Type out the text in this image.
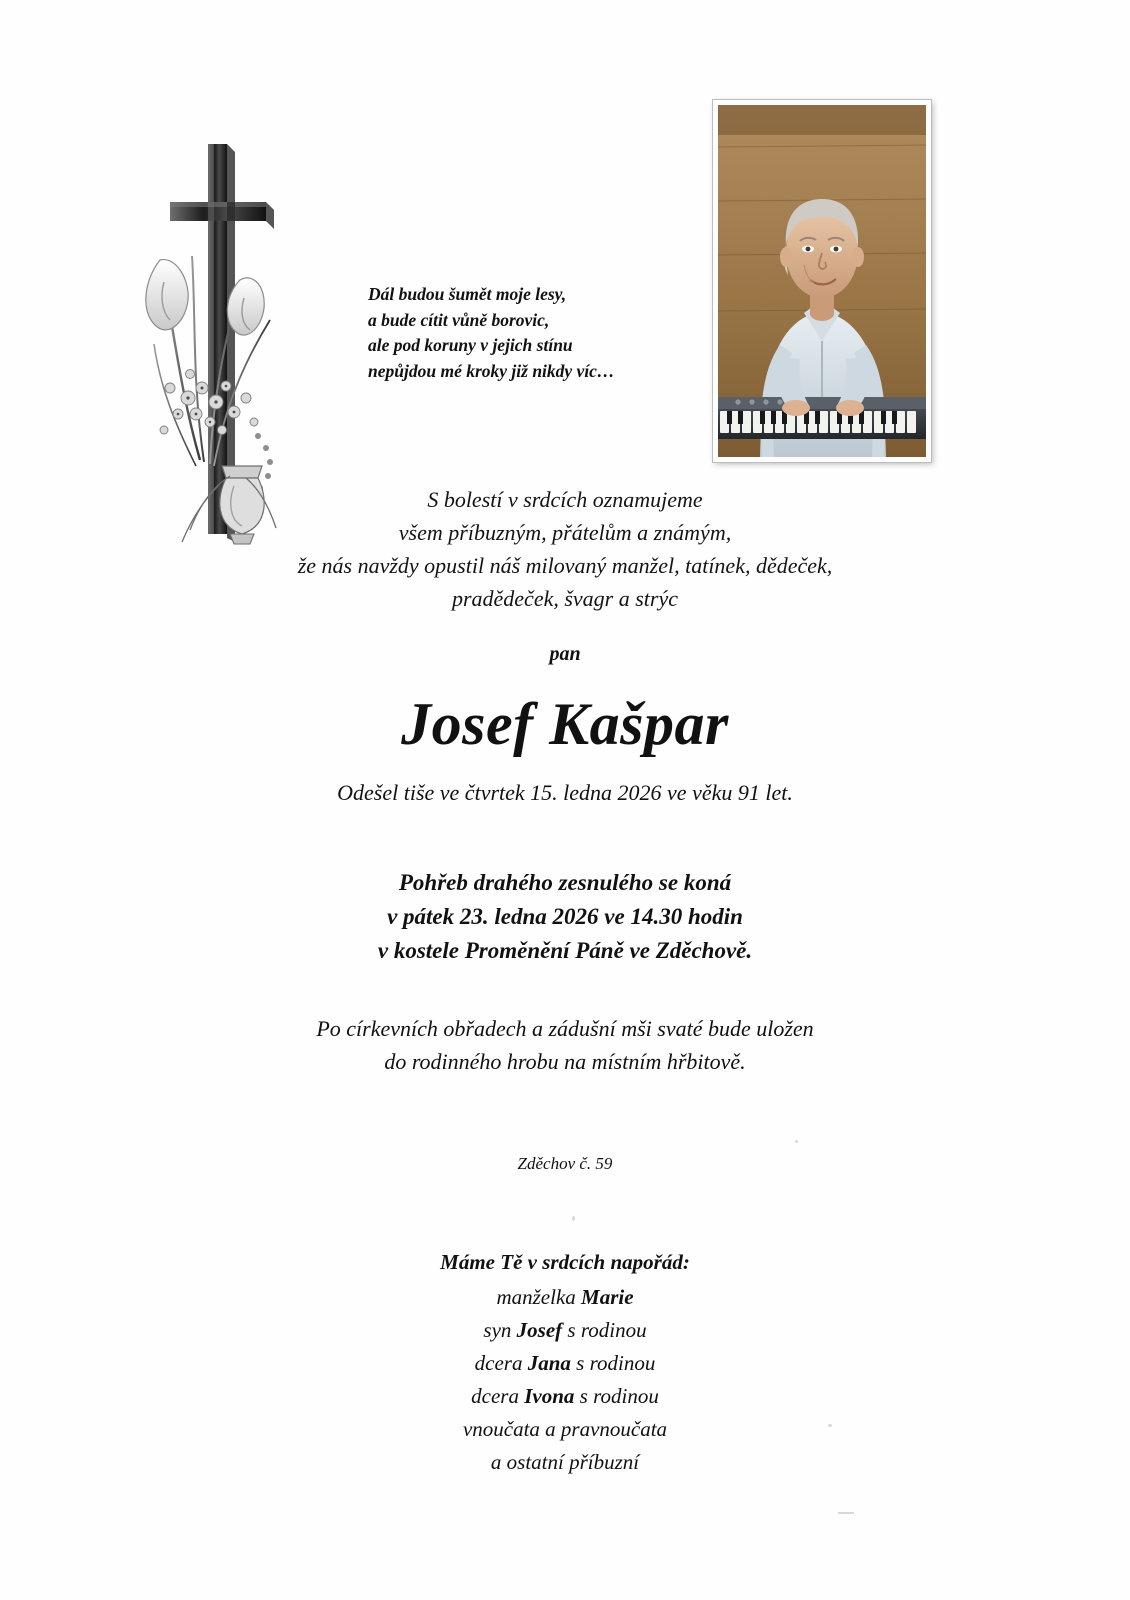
Dál budou šumět moje lesy,
a bude cítit vůně borovic,
ale pod koruny v jejich stínu
nepůjdou mé kroky již nikdy víc…
S bolestí v srdcích oznamujeme
všem příbuzným, přátelům a známým,
že nás navždy opustil náš milovaný manžel, tatínek, dědeček,
pradědeček, švagr a strýc
pan
Josef Kašpar
Odešel tiše ve čtvrtek 15. ledna 2026 ve věku 91 let.
Pohřeb drahého zesnulého se koná
v pátek 23. ledna 2026 ve 14.30 hodin
v kostele Proměnění Páně ve Zděchově.
Po církevních obřadech a zádušní mši svaté bude uložen
do rodinného hrobu na místním hřbitově.
Zděchov č. 59
Máme Tě v srdcích napořád:
manželka Marie
syn Josef s rodinou
dcera Jana s rodinou
dcera Ivona s rodinou
vnoučata a pravnoučata
a ostatní příbuzní
